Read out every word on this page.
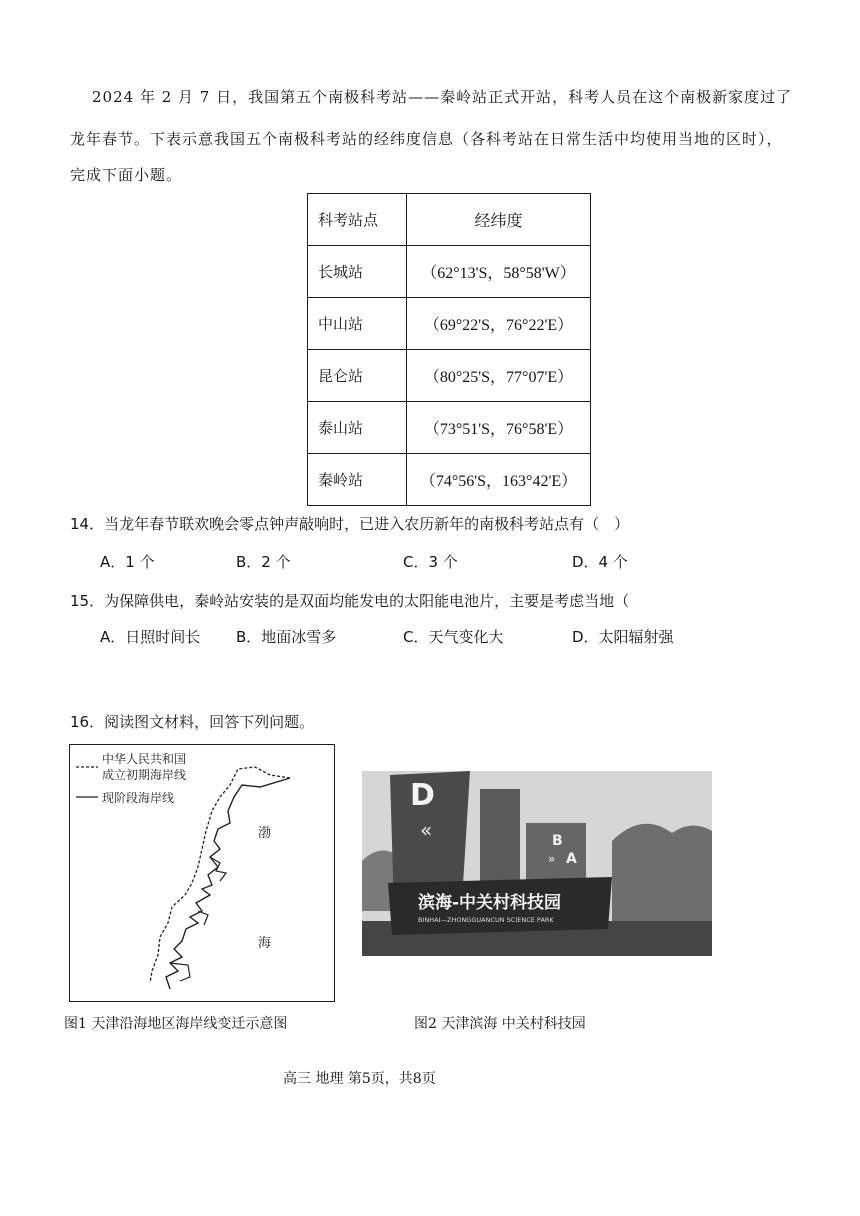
2024 年 2 月 7 日，我国第五个南极科考站——秦岭站正式开站，科考人员在这个南极新家度过了
龙年春节。下表示意我国五个南极科考站的经纬度信息（各科考站在日常生活中均使用当地的区时），
完成下面小题。
科考站点	经纬度
长城站	（62°13'S，58°58'W）
中山站	（69°22'S，76°22'E）
昆仑站	（80°25'S，77°07'E）
泰山站	（73°51'S，76°58'E）
秦岭站	（74°56'S，163°42'E）
14．当龙年春节联欢晚会零点钟声敲响时，已进入农历新年的南极科考站点有（　）
A．1 个	B．2 个	C．3 个	D．4 个
15．为保障供电，秦岭站安装的是双面均能发电的太阳能电池片，主要是考虑当地（
A．日照时间长 B．地面冰雪多	C．天气变化大	D．太阳辐射强
16．阅读图文材料，回答下列问题。
中华人民共和国
成立初期海岸线
现阶段海岸线
渤
海
D
«	B
A
»
滨海-中关村科技园
BINHAI—ZHONGGUANCUN SCIENCE PARK
图1 天津沿海地区海岸线变迁示意图	图2 天津滨海 中关村科技园
高三 地理 第5页，共8页
